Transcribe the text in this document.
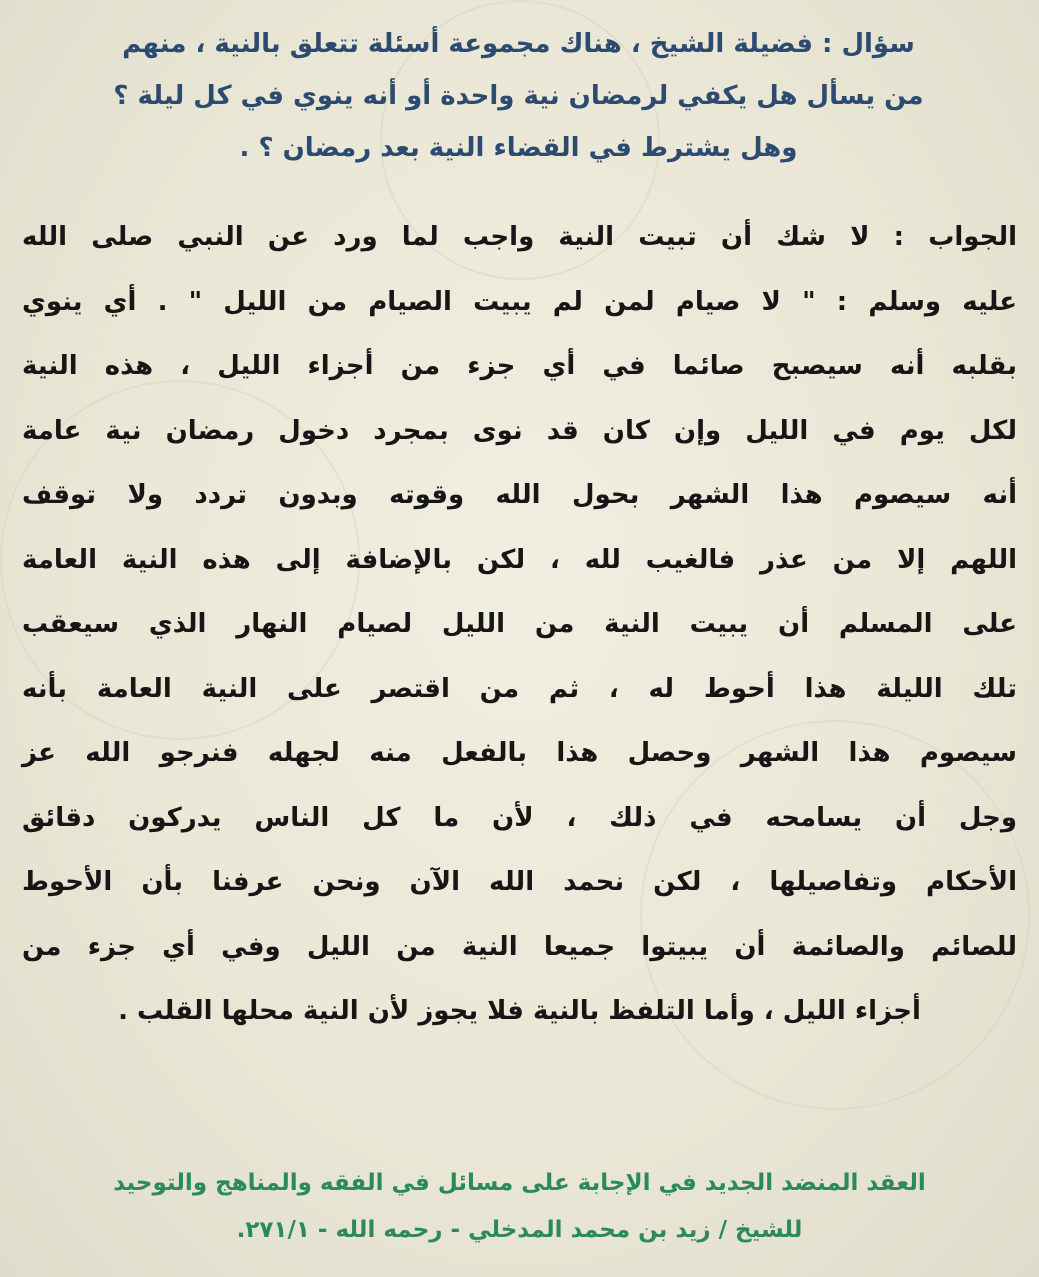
سؤال : فضيلة الشيخ ، هناك مجموعة أسئلة تتعلق بالنية ، منهم
من يسأل هل يكفي لرمضان نية واحدة أو أنه ينوي في كل ليلة ؟
وهل يشترط في القضاء النية بعد رمضان ؟ .
الجواب : لا شك أن تبيت النية واجب لما ورد عن النبي صلى الله
عليه وسلم : " لا صيام لمن لم يبيت الصيام من الليل " . أي ينوي
بقلبه أنه سيصبح صائما في أي جزء من أجزاء الليل ، هذه النية
لكل يوم في الليل وإن كان قد نوى بمجرد دخول رمضان نية عامة
أنه سيصوم هذا الشهر بحول الله وقوته وبدون تردد ولا توقف
اللهم إلا من عذر فالغيب لله ، لكن بالإضافة إلى هذه النية العامة
على المسلم أن يبيت النية من الليل لصيام النهار الذي سيعقب
تلك الليلة هذا أحوط له ، ثم من اقتصر على النية العامة بأنه
سيصوم هذا الشهر وحصل هذا بالفعل منه لجهله فنرجو الله عز
وجل أن يسامحه في ذلك ، لأن ما كل الناس يدركون دقائق
الأحكام وتفاصيلها ، لكن نحمد الله الآن ونحن عرفنا بأن الأحوط
للصائم والصائمة أن يبيتوا جميعا النية من الليل وفي أي جزء من
أجزاء الليل ، وأما التلفظ بالنية فلا يجوز لأن النية محلها القلب .
العقد المنضد الجديد في الإجابة على مسائل في الفقه والمناهج والتوحيد
للشيخ / زيد بن محمد المدخلي - رحمه الله - ٢٧١/١.
